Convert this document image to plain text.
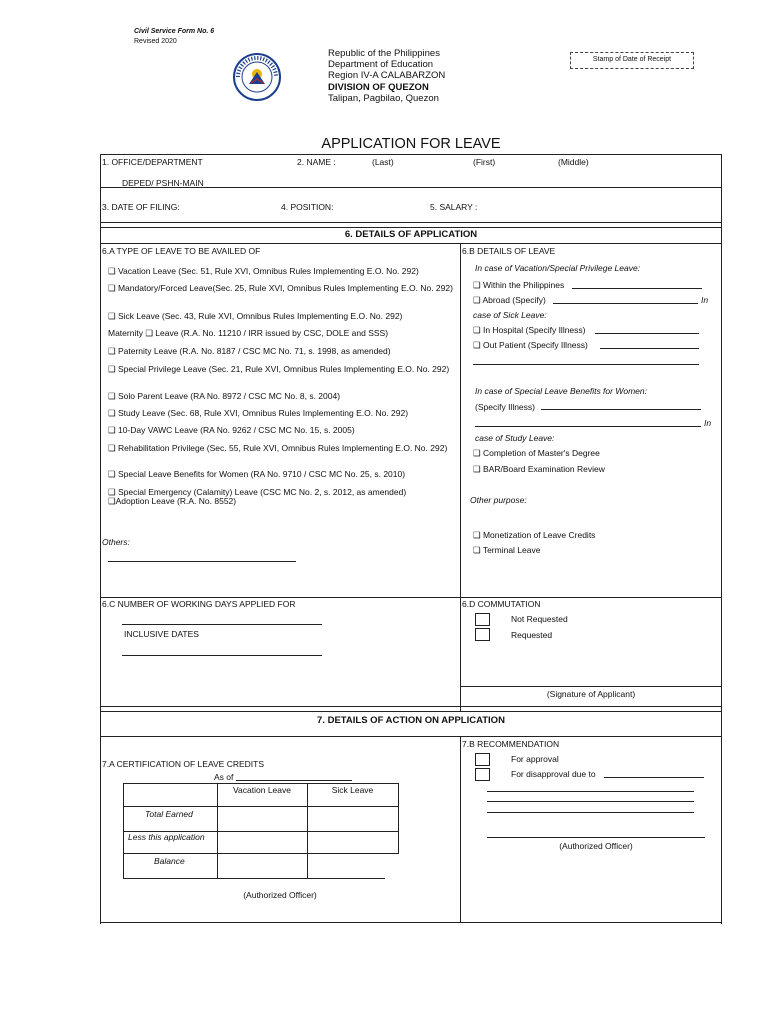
Civil Service Form No. 6
Revised 2020
Republic of the Philippines
Department of Education
Region IV-A CALABARZON
DIVISION OF QUEZON
Talipan, Pagbilao, Quezon
Stamp of Date of Receipt
APPLICATION FOR LEAVE
1. OFFICE/DEPARTMENT	2. NAME :	(Last)	(First)	(Middle)
DEPED/ PSHN-MAIN
3. DATE OF FILING:	4. POSITION:	5. SALARY :
6. DETAILS OF APPLICATION
6.A TYPE OF LEAVE TO BE AVAILED OF
❑ Vacation Leave (Sec. 51, Rule XVI, Omnibus Rules Implementing E.O. No. 292)
❑ Mandatory/Forced Leave(Sec. 25, Rule XVI, Omnibus Rules Implementing E.O. No. 292)
❑ Sick Leave (Sec. 43, Rule XVI, Omnibus Rules Implementing E.O. No. 292)
Maternity ❑ Leave (R.A. No. 11210 / IRR issued by CSC, DOLE and SSS)
❑ Paternity Leave (R.A. No. 8187 / CSC MC No. 71, s. 1998, as amended)
❑ Special Privilege Leave (Sec. 21, Rule XVI, Omnibus Rules Implementing E.O. No. 292)
❑ Solo Parent Leave (RA No. 8972 / CSC MC No. 8, s. 2004)
❑ Study Leave (Sec. 68, Rule XVI, Omnibus Rules Implementing E.O. No. 292)
❑ 10-Day VAWC Leave (RA No. 9262 / CSC MC No. 15, s. 2005)
❑ Rehabilitation Privilege (Sec. 55, Rule XVI, Omnibus Rules Implementing E.O. No. 292)
❑ Special Leave Benefits for Women (RA No. 9710 / CSC MC No. 25, s. 2010)
❑ Special Emergency (Calamity) Leave (CSC MC No. 2, s. 2012, as amended)
❑Adoption Leave (R.A. No. 8552)
Others:
6.B DETAILS OF LEAVE
In case of Vacation/Special Privilege Leave:
❑ Within the Philippines
❑ Abroad (Specify)	In
case of Sick Leave:
❑ In Hospital (Specify Illness)
❑ Out Patient (Specify Illness)
In case of Special Leave Benefits for Women:
(Specify Illness)
In
case of Study Leave:
❑ Completion of Master's Degree
❑ BAR/Board Examination Review
Other purpose:
❑ Monetization of Leave Credits
❑ Terminal Leave
6.C NUMBER OF WORKING DAYS APPLIED FOR
INCLUSIVE DATES
6.D COMMUTATION
Not Requested
Requested
(Signature of Applicant)
7. DETAILS OF ACTION ON APPLICATION
7.A CERTIFICATION OF LEAVE CREDITS
As of
Vacation Leave	Sick Leave
Total Earned
Less this application
Balance
(Authorized Officer)
7.B RECOMMENDATION
For approval
For disapproval due to
(Authorized Officer)
